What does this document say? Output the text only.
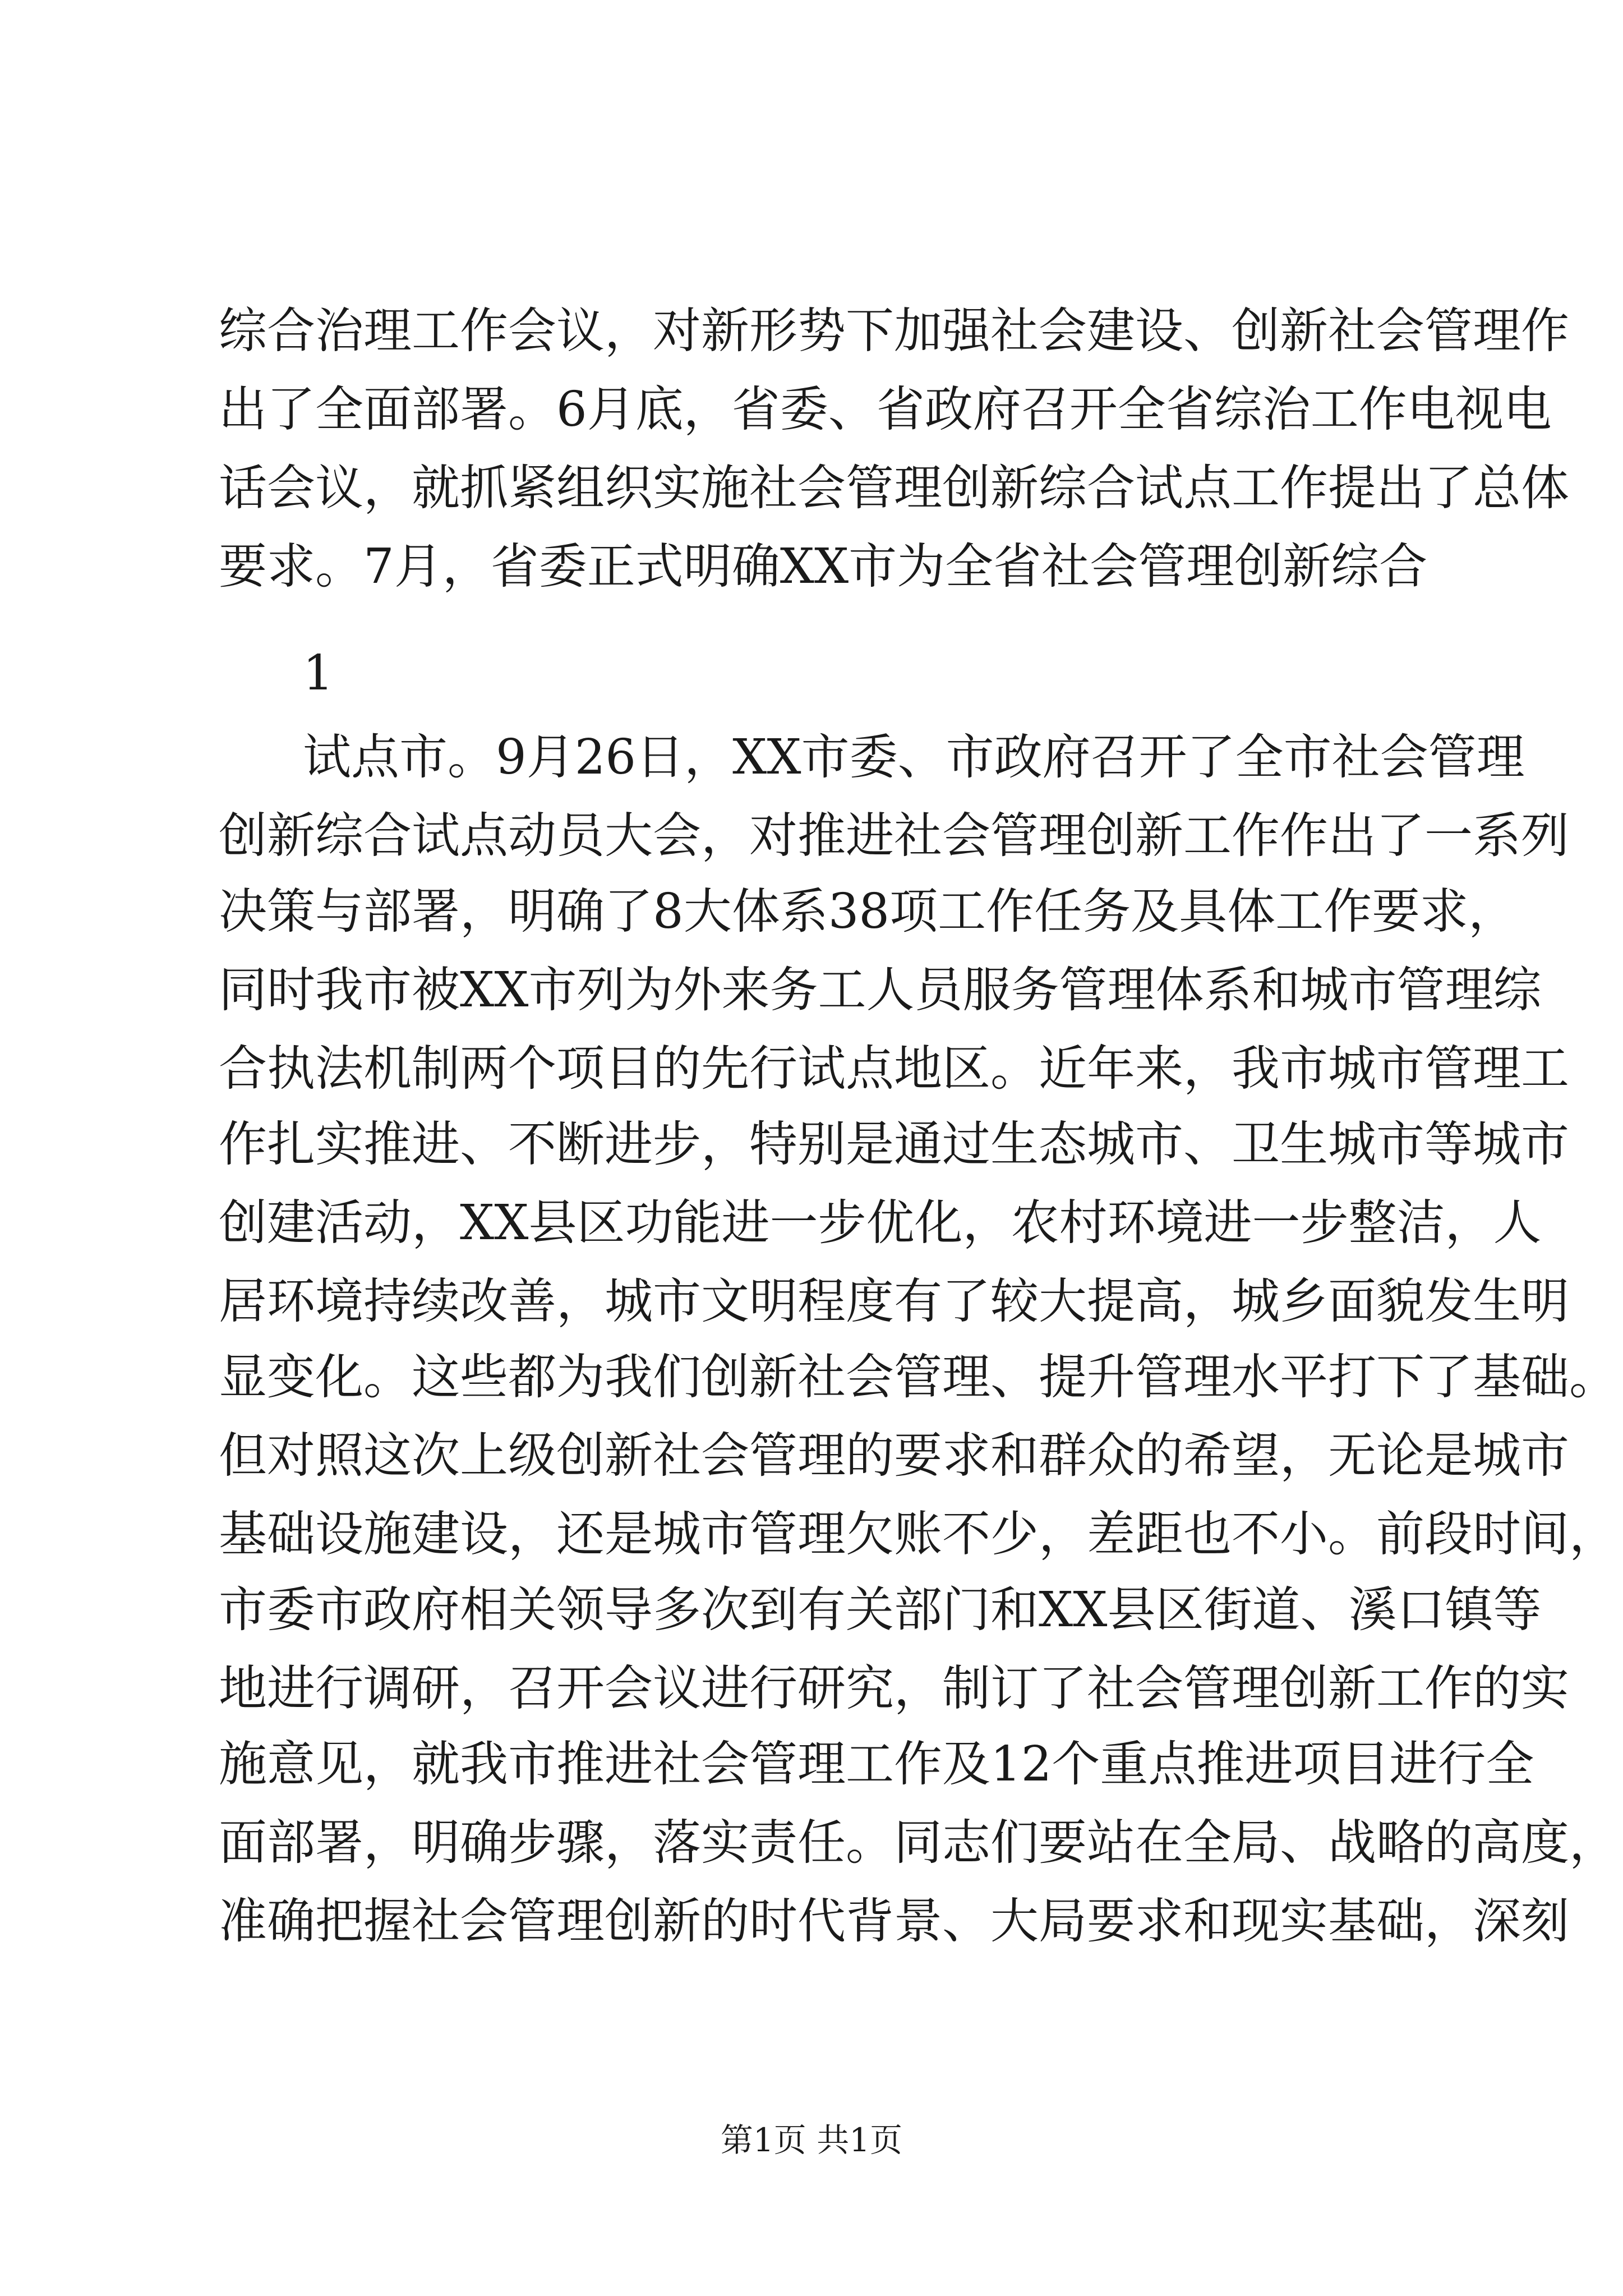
综合治理工作会议，对新形势下加强社会建设、创新社会管理作
出了全面部署。6月底，省委、省政府召开全省综治工作电视电
话会议，就抓紧组织实施社会管理创新综合试点工作提出了总体
要求。7月，省委正式明确XX市为全省社会管理创新综合
1
试点市。9月26日，XX市委、市政府召开了全市社会管理
创新综合试点动员大会，对推进社会管理创新工作作出了一系列
决策与部署，明确了8大体系38项工作任务及具体工作要求，
同时我市被XX市列为外来务工人员服务管理体系和城市管理综
合执法机制两个项目的先行试点地区。近年来，我市城市管理工
作扎实推进、不断进步，特别是通过生态城市、卫生城市等城市
创建活动，XX县区功能进一步优化，农村环境进一步整洁，人
居环境持续改善，城市文明程度有了较大提高，城乡面貌发生明
显变化。这些都为我们创新社会管理、提升管理水平打下了基础。
但对照这次上级创新社会管理的要求和群众的希望，无论是城市
基础设施建设，还是城市管理欠账不少，差距也不小。前段时间，
市委市政府相关领导多次到有关部门和XX县区街道、溪口镇等
地进行调研，召开会议进行研究，制订了社会管理创新工作的实
施意见，就我市推进社会管理工作及12个重点推进项目进行全
面部署，明确步骤，落实责任。同志们要站在全局、战略的高度，
准确把握社会管理创新的时代背景、大局要求和现实基础，深刻
第1页 共1页
